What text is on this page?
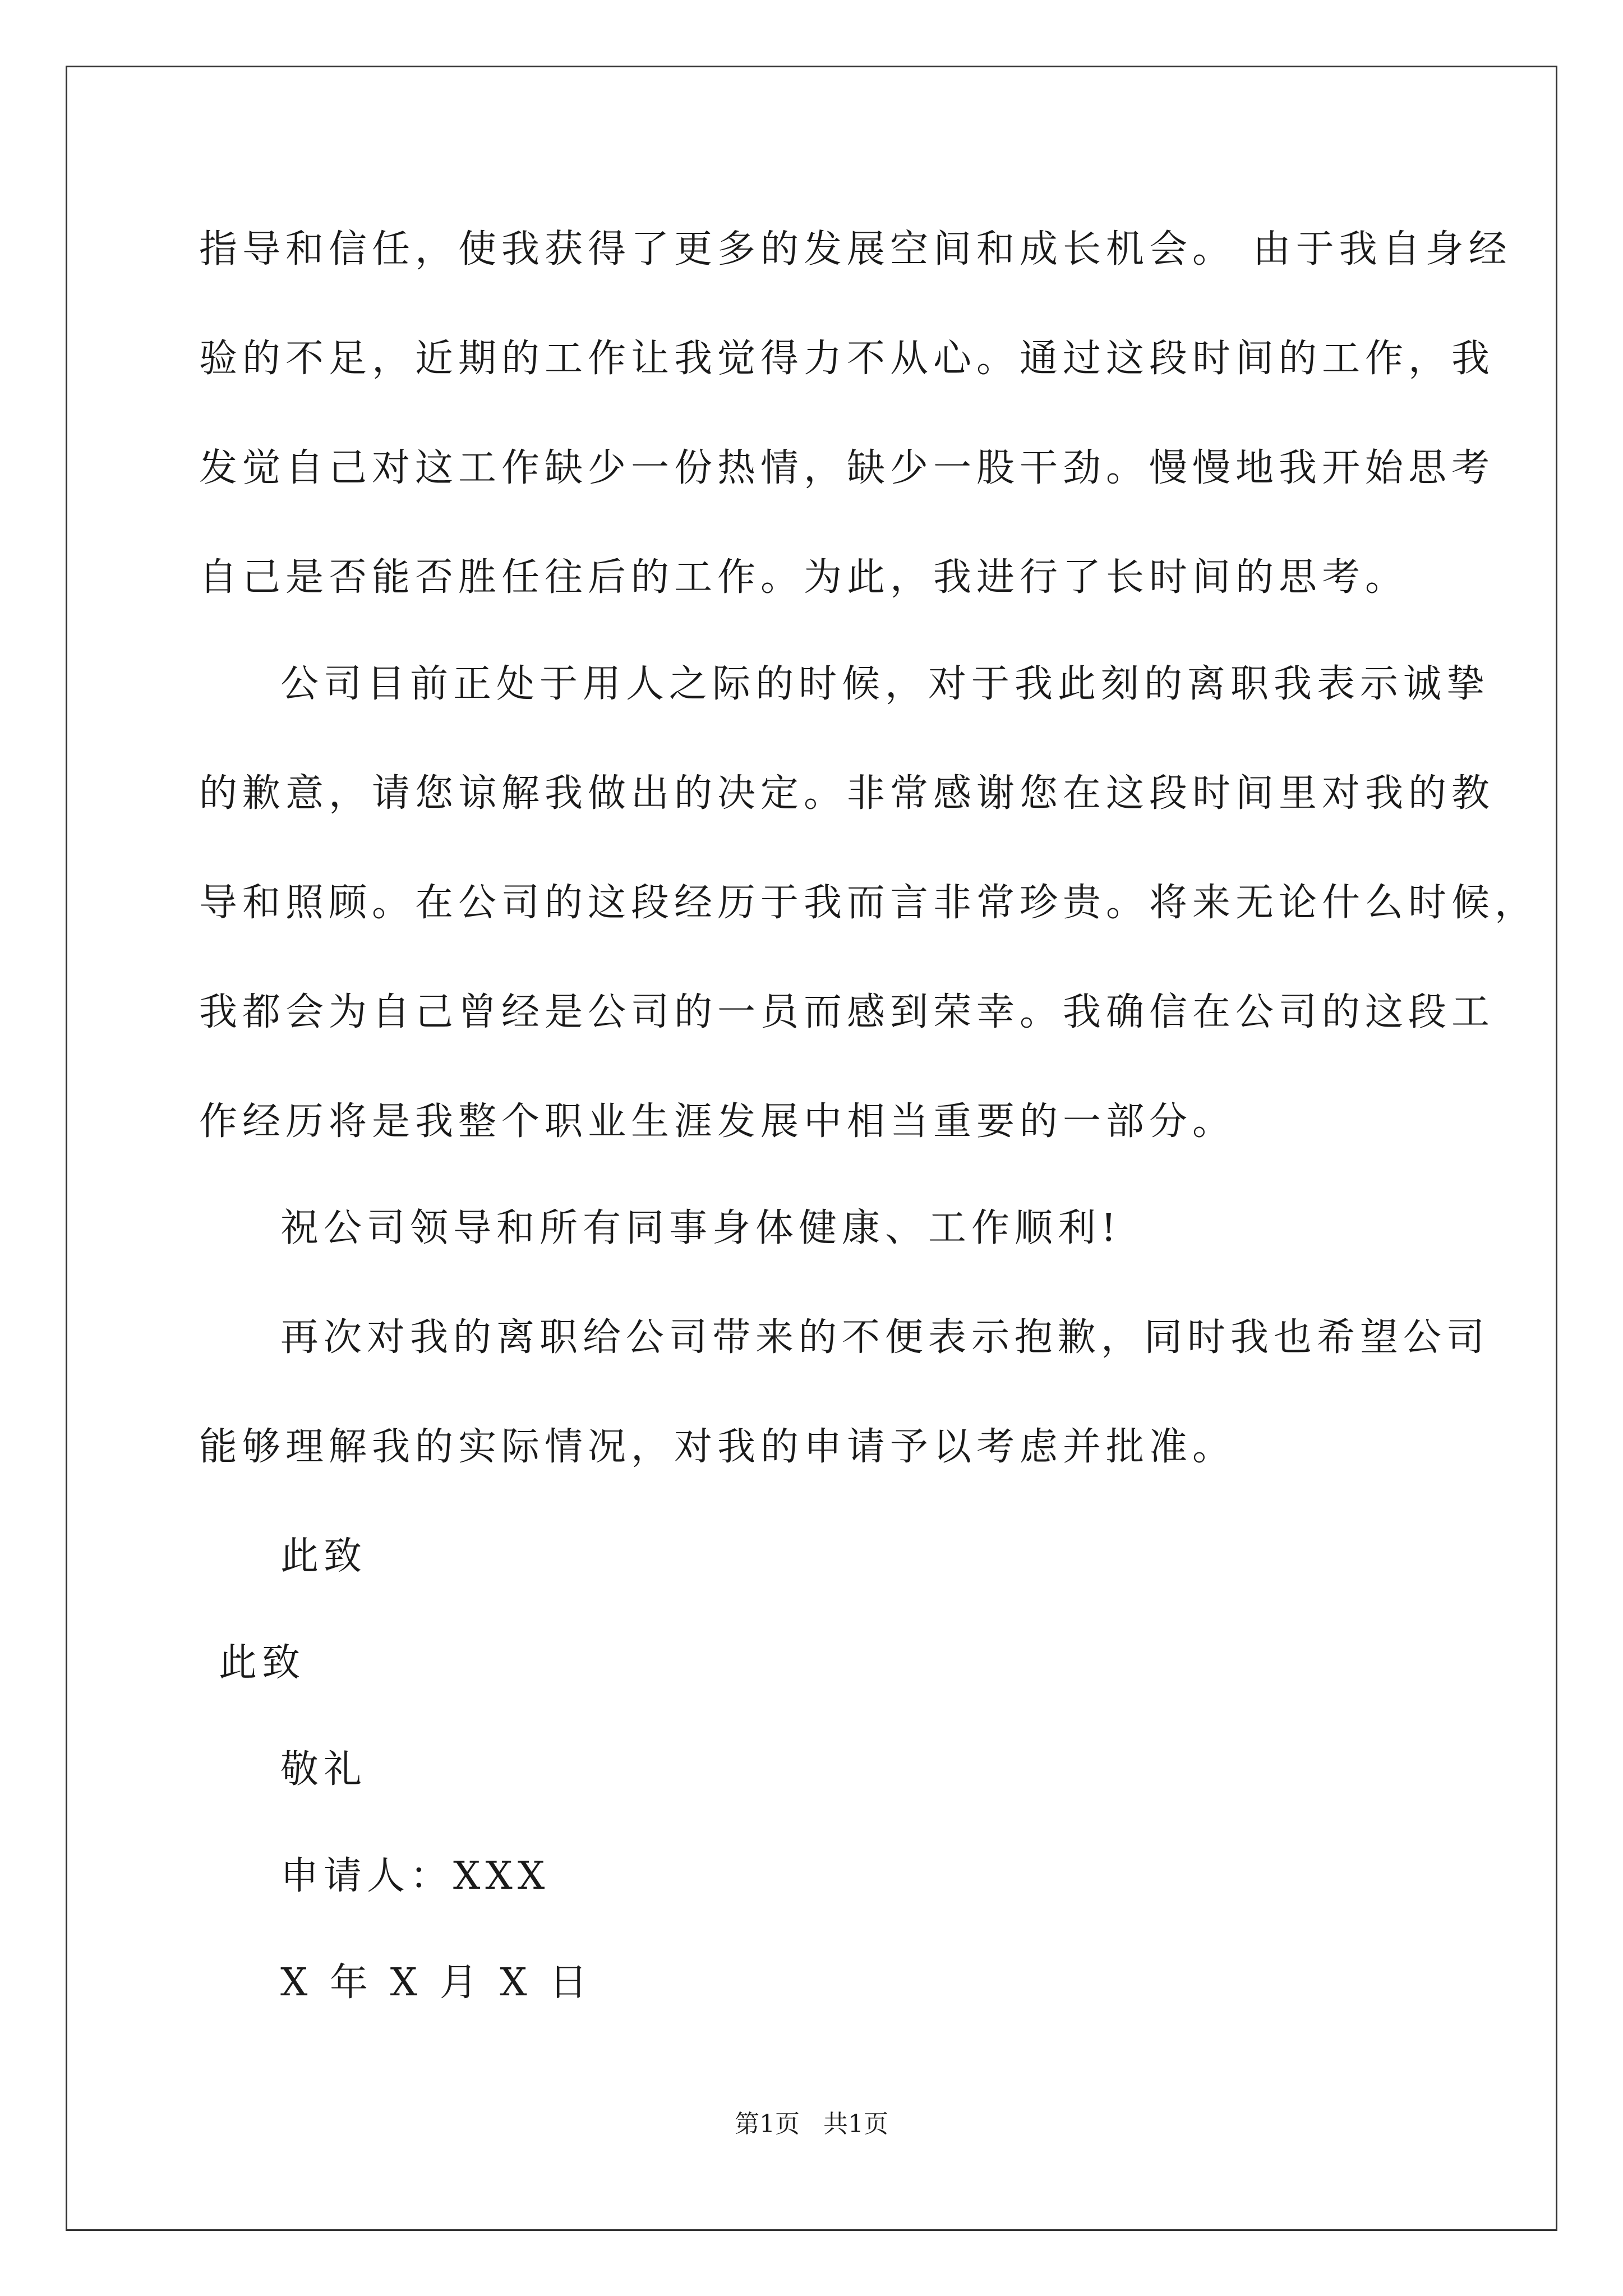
指导和信任，使我获得了更多的发展空间和成长机会。 由于我自身经
验的不足，近期的工作让我觉得力不从心。通过这段时间的工作，我
发觉自己对这工作缺少一份热情，缺少一股干劲。慢慢地我开始思考
自己是否能否胜任往后的工作。为此，我进行了长时间的思考。
公司目前正处于用人之际的时候，对于我此刻的离职我表示诚挚
的歉意，请您谅解我做出的决定。非常感谢您在这段时间里对我的教
导和照顾。在公司的这段经历于我而言非常珍贵。将来无论什么时候，
我都会为自己曾经是公司的一员而感到荣幸。我确信在公司的这段工
作经历将是我整个职业生涯发展中相当重要的一部分。
祝公司领导和所有同事身体健康、工作顺利!
再次对我的离职给公司带来的不便表示抱歉，同时我也希望公司
能够理解我的实际情况，对我的申请予以考虑并批准。
此致
此致
敬礼
申请人：XXX
X 年 X 月 X 日
第1页   共1页
